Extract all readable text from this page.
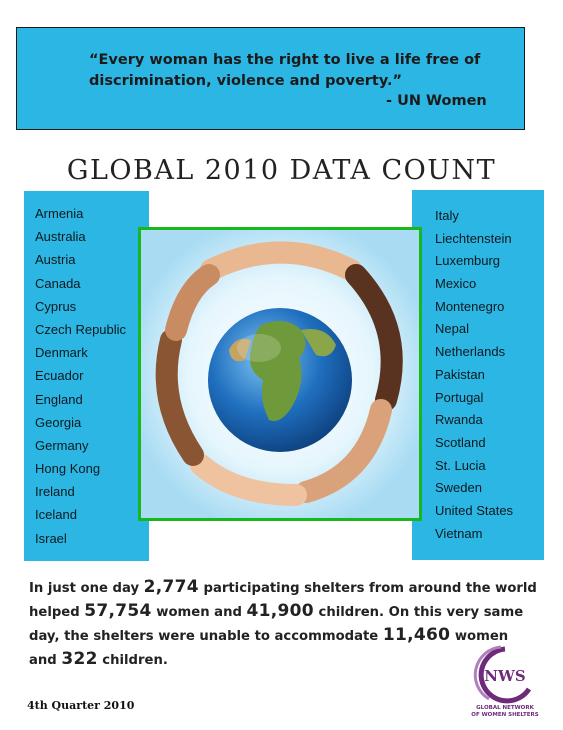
“Every woman has the right to live a life free of discrimination, violence and poverty.”
- UN Women
GLOBAL 2010 DATA COUNT
Armenia
Australia
Austria
Canada
Cyprus
Czech Republic
Denmark
Ecuador
England
Georgia
Germany
Hong Kong
Ireland
Iceland
Israel
Italy
Liechtenstein
Luxemburg
Mexico
Montenegro
Nepal
Netherlands
Pakistan
Portugal
Rwanda
Scotland
St. Lucia
Sweden
United States
Vietnam
In just one day 2,774 participating shelters from around the world helped 57,754 women and 41,900 children. On this very same day, the shelters were unable to accommodate 11,460 women and 322 children.
4th Quarter 2010
NWS
GLOBAL NETWORK
OF WOMEN SHELTERS
